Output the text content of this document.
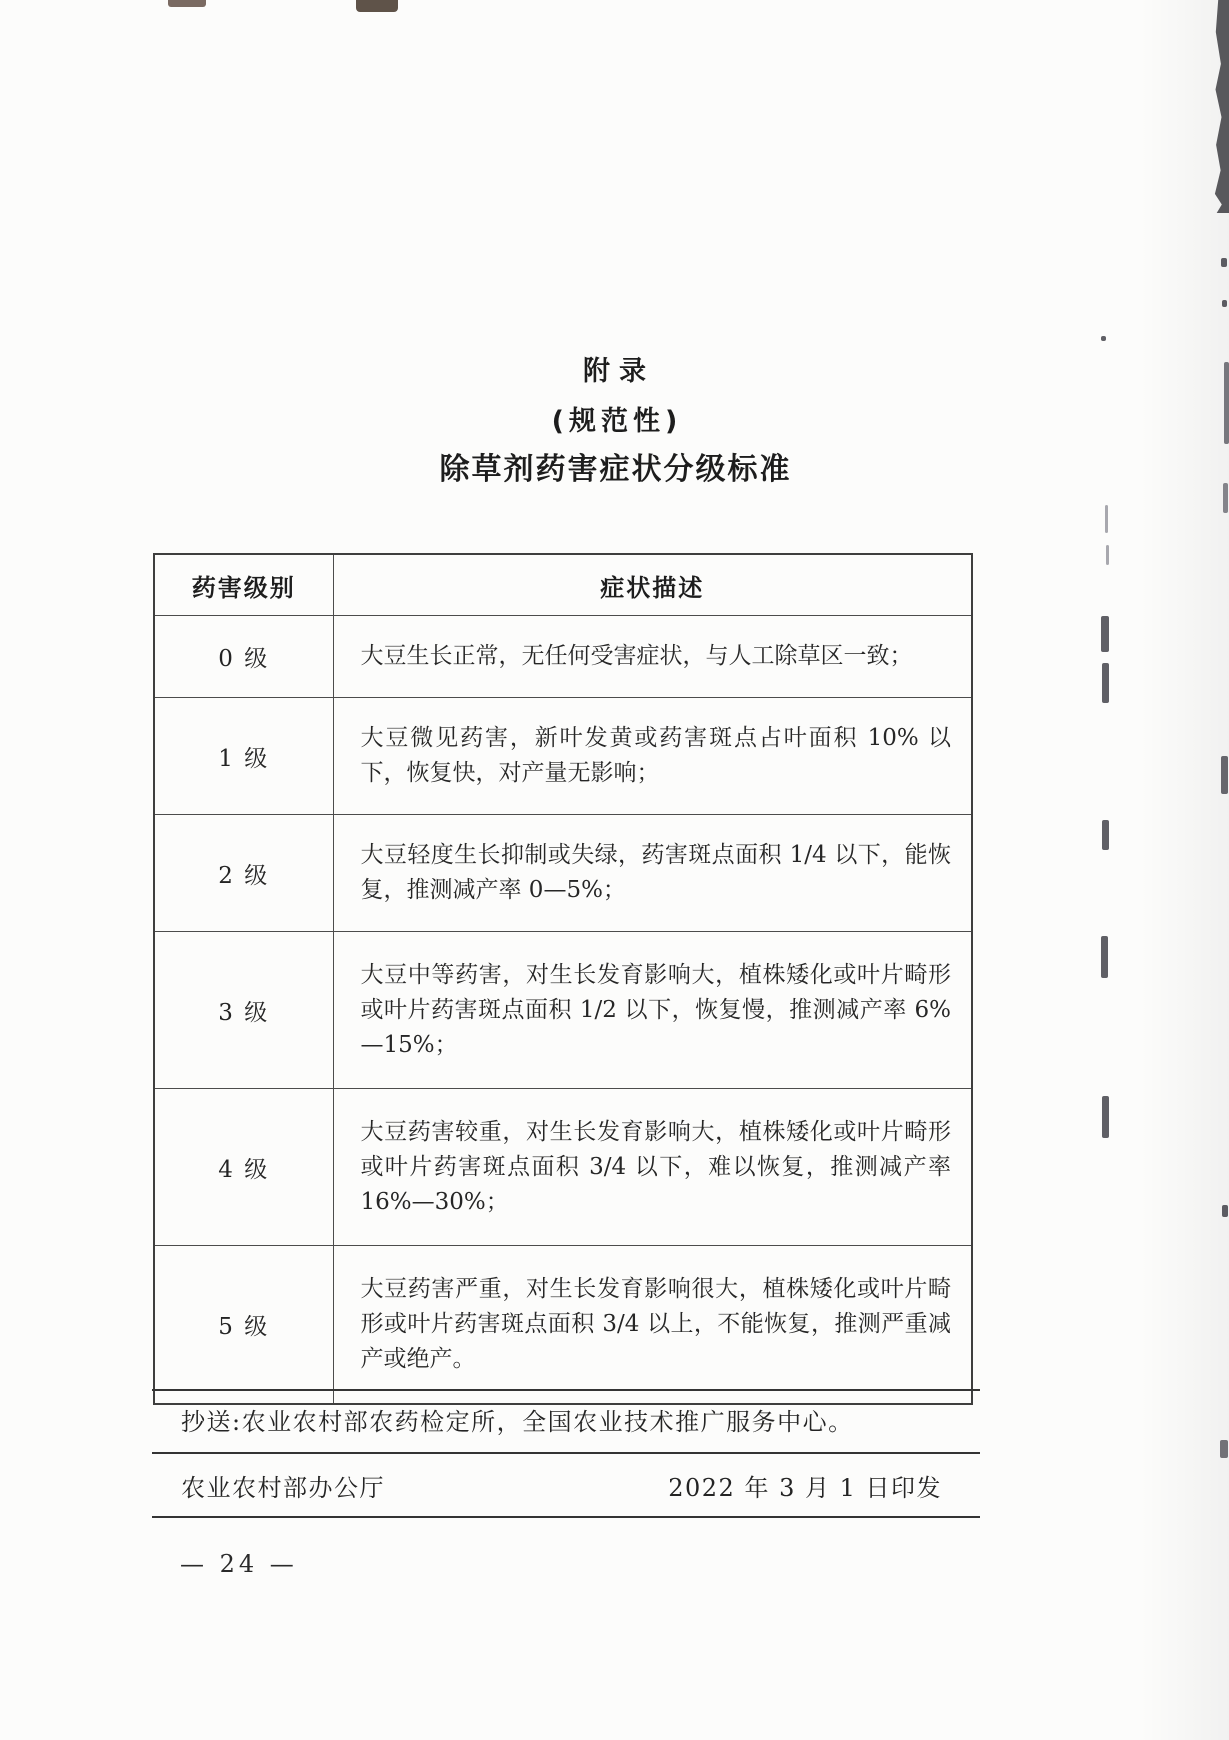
附录
(规范性)
除草剂药害症状分级标准
药害级别	症状描述
0 级	大豆生长正常，无任何受害症状，与人工除草区一致；
1 级	大豆微见药害，新叶发黄或药害斑点占叶面积 10% 以下，恢复快，对产量无影响；
2 级	大豆轻度生长抑制或失绿，药害斑点面积 1/4 以下，能恢复，推测减产率 0—5%；
3 级	大豆中等药害，对生长发育影响大，植株矮化或叶片畸形或叶片药害斑点面积 1/2 以下，恢复慢，推测减产率 6%—15%；
4 级	大豆药害较重，对生长发育影响大，植株矮化或叶片畸形或叶片药害斑点面积 3/4 以下，难以恢复，推测减产率 16%—30%；
5 级	大豆药害严重，对生长发育影响很大，植株矮化或叶片畸形或叶片药害斑点面积 3/4 以上，不能恢复，推测严重减产或绝产。
抄送:农业农村部农药检定所，全国农业技术推广服务中心。
农业农村部办公厅	2022 年 3 月 1 日印发
— 24 —
